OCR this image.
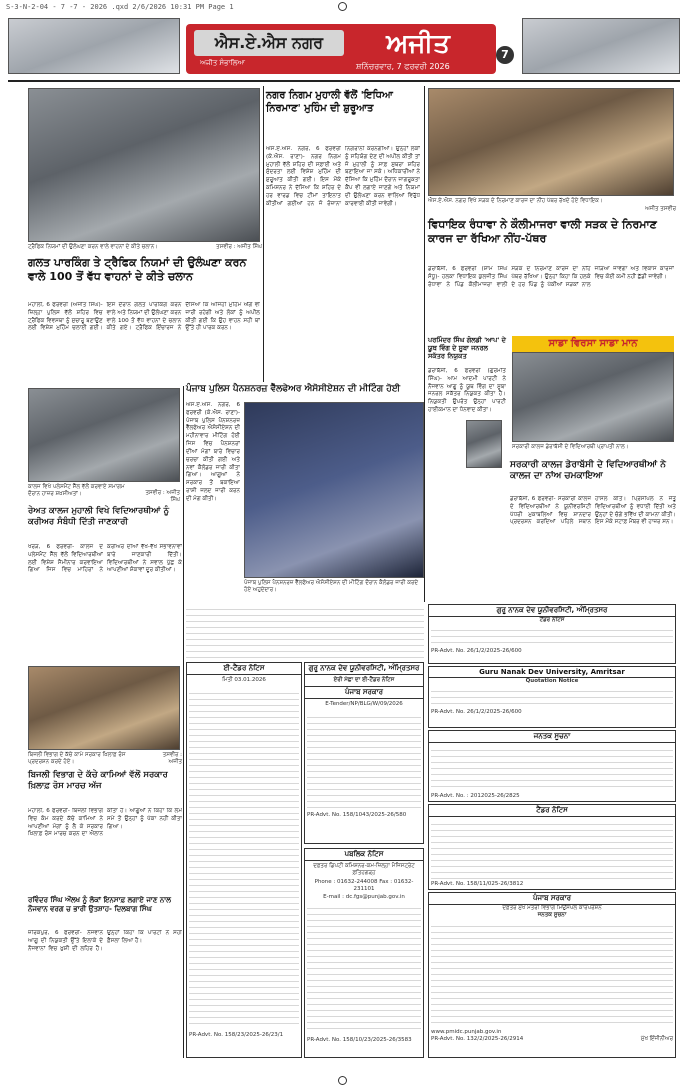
S-3-N-2-04 - 7 -7 - 2026 .qxd 2/6/2026 10:31 PM Page 1
ਐਸ.ਏ.ਐਸ ਨਗਰ	ਅਜੀਤ
ਅਜੀਤ ਸੰਭਾਲਿਆ	ਸ਼ਨਿੱਚਰਵਾਰ, 7 ਫਰਵਰੀ 2026
7
ਟ੍ਰੈਫਿਕ ਨਿਯਮਾਂ ਦੀ ਉਲੰਘਣਾ ਕਰਨ ਵਾਲੇ ਵਾਹਨਾਂ ਦੇ ਕੀਤੇ ਚਲਾਨ।	ਤਸਵੀਰ : ਅਜੀਤ ਸਿੰਘ
ਗਲਤ ਪਾਰਕਿੰਗ ਤੇ ਟ੍ਰੈਫਿਕ ਨਿਯਮਾਂ ਦੀ ਉਲੰਘਣਾ ਕਰਨ ਵਾਲੇ 100 ਤੋਂ ਵੱਧ ਵਾਹਨਾਂ ਦੇ ਕੀਤੇ ਚਲਾਨ
ਮੋਹਾਲੀ, 6 ਫਰਵਰੀ (ਅਜੀਤ ਸਿੰਘ)- ਜ਼ਿਲ੍ਹਾ ਪੁਲਿਸ ਵੱਲੋਂ ਸ਼ਹਿਰ ਵਿਚ ਟ੍ਰੈਫਿਕ ਵਿਵਸਥਾ ਨੂੰ ਸੁਚਾਰੂ ਬਣਾਉਣ ਲਈ ਵਿਸ਼ੇਸ਼ ਮੁਹਿੰਮ ਚਲਾਈ ਗਈ। ਇਸ ਦੌਰਾਨ ਗਲਤ ਪਾਰਕਿੰਗ ਕਰਨ ਵਾਲੇ ਅਤੇ ਨਿਯਮਾਂ ਦੀ ਉਲੰਘਣਾ ਕਰਨ ਵਾਲੇ 100 ਤੋਂ ਵੱਧ ਵਾਹਨਾਂ ਦੇ ਚਲਾਨ ਕੀਤੇ ਗਏ। ਟ੍ਰੈਫਿਕ ਇੰਚਾਰਜ ਨੇ ਦੱਸਿਆ ਕਿ ਅਜਿਹੀ ਮੁਹਿੰਮ ਅੱਗੇ ਵੀ ਜਾਰੀ ਰਹੇਗੀ ਅਤੇ ਲੋਕਾਂ ਨੂੰ ਅਪੀਲ ਕੀਤੀ ਗਈ ਕਿ ਉਹ ਵਾਹਨ ਸਹੀ ਥਾਂ ਉੱਤੇ ਹੀ ਪਾਰਕ ਕਰਨ।
ਨਗਰ ਨਿਗਮ ਮੁਹਾਲੀ ਵੱਲੋਂ 'ਇਧਿਆ ਨਿਰਮਾਣ' ਮੁਹਿੰਮ ਦੀ ਸ਼ੁਰੂਆਤ
ਐਸ.ਏ.ਐਸ. ਨਗਰ, 6 ਫਰਵਰੀ (ਕੇ.ਐਸ. ਰਾਣਾ)- ਨਗਰ ਨਿਗਮ ਮੁਹਾਲੀ ਵੱਲੋਂ ਸ਼ਹਿਰ ਦੀ ਸਫ਼ਾਈ ਅਤੇ ਸੁੰਦਰਤਾ ਲਈ ਵਿਸ਼ੇਸ਼ ਮੁਹਿੰਮ ਦੀ ਸ਼ੁਰੂਆਤ ਕੀਤੀ ਗਈ। ਇਸ ਮੌਕੇ ਕਮਿਸ਼ਨਰ ਨੇ ਦੱਸਿਆ ਕਿ ਸ਼ਹਿਰ ਦੇ ਹਰ ਵਾਰਡ ਵਿਚ ਟੀਮਾਂ ਤਾਇਨਾਤ ਕੀਤੀਆਂ ਗਈਆਂ ਹਨ ਜੋ ਰੋਜ਼ਾਨਾ ਨਿਗਰਾਨੀ ਕਰਨਗੀਆਂ। ਉਨ੍ਹਾਂ ਲੋਕਾਂ ਨੂੰ ਸਹਿਯੋਗ ਦੇਣ ਦੀ ਅਪੀਲ ਕੀਤੀ ਤਾਂ ਜੋ ਮੁਹਾਲੀ ਨੂੰ ਸਾਫ਼ ਸੁਥਰਾ ਸ਼ਹਿਰ ਬਣਾਇਆ ਜਾ ਸਕੇ। ਅਧਿਕਾਰੀਆਂ ਨੇ ਦੱਸਿਆ ਕਿ ਮੁਹਿੰਮ ਦੌਰਾਨ ਜਾਗਰੂਕਤਾ ਕੈਂਪ ਵੀ ਲਗਾਏ ਜਾਣਗੇ ਅਤੇ ਨਿਯਮਾਂ ਦੀ ਉਲੰਘਣਾ ਕਰਨ ਵਾਲਿਆਂ ਵਿਰੁੱਧ ਕਾਰਵਾਈ ਕੀਤੀ ਜਾਵੇਗੀ।	ਐਸ.ਏ.ਐਸ. ਨਗਰ ਵਿਖੇ ਸੜਕ ਦੇ ਨਿਰਮਾਣ ਕਾਰਜ ਦਾ ਨੀਂਹ ਪੱਥਰ ਰੱਖਦੇ ਹੋਏ ਵਿਧਾਇਕ।
ਅਜੀਤ ਤਸਵੀਰ
ਵਿਧਾਇਕ ਰੰਧਾਵਾ ਨੇ ਕੌਲੀਮਾਜਰਾ ਵਾਲੀ ਸੜਕ ਦੇ ਨਿਰਮਾਣ ਕਾਰਜ ਦਾ ਰੱਖਿਆ ਨੀਂਹ-ਪੱਥਰ
ਡੇਰਾਬੱਸੀ, 6 ਫਰਵਰੀ (ਸ਼ਾਮ ਸਿੰਘ ਸੰਧੂ)- ਹਲਕਾ ਵਿਧਾਇਕ ਕੁਲਜੀਤ ਸਿੰਘ ਰੰਧਾਵਾ ਨੇ ਪਿੰਡ ਕੌਲੀਮਾਜਰਾ ਵਾਲੀ ਸੜਕ ਦੇ ਨਿਰਮਾਣ ਕਾਰਜ ਦਾ ਨੀਂਹ ਪੱਥਰ ਰੱਖਿਆ। ਉਨ੍ਹਾਂ ਕਿਹਾ ਕਿ ਹਲਕੇ ਦੇ ਹਰ ਪਿੰਡ ਨੂੰ ਪੱਕੀਆਂ ਸੜਕਾਂ ਨਾਲ ਜੋੜਿਆ ਜਾਵੇਗਾ ਅਤੇ ਵਿਕਾਸ ਕਾਰਜਾਂ ਵਿਚ ਕੋਈ ਕਮੀ ਨਹੀਂ ਛੱਡੀ ਜਾਵੇਗੀ।
ਪਰਮਿੰਦਰ ਸਿੰਘ ਗੋਲਡੀ 'ਆਪ' ਦੇ ਯੂਥ ਵਿੰਗ ਦੇ ਸੂਬਾ ਜਨਰਲ ਸਕੱਤਰ ਨਿਯੁਕਤ
ਡੇਰਾਬੱਸੀ, 6 ਫਰਵਰੀ (ਗੁਰਮੀਤ ਸਿੰਘ)- ਆਮ ਆਦਮੀ ਪਾਰਟੀ ਨੇ ਨੌਜਵਾਨ ਆਗੂ ਨੂੰ ਯੂਥ ਵਿੰਗ ਦਾ ਸੂਬਾ ਜਨਰਲ ਸਕੱਤਰ ਨਿਯੁਕਤ ਕੀਤਾ ਹੈ। ਨਿਯੁਕਤੀ ਉਪਰੰਤ ਉਨ੍ਹਾਂ ਪਾਰਟੀ ਹਾਈਕਮਾਨ ਦਾ ਧੰਨਵਾਦ ਕੀਤਾ।
ਸਾਡਾ ਵਿਰਸਾ ਸਾਡਾ ਮਾਨ
ਸਰਕਾਰੀ ਕਾਲਜ ਡੇਰਾਬੱਸੀ ਦੇ ਵਿਦਿਆਰਥੀ ਪ੍ਰਾਪਤੀ ਨਾਲ।
ਸਰਕਾਰੀ ਕਾਲਜ ਡੇਰਾਬੱਸੀ ਦੇ ਵਿਦਿਆਰਥੀਆਂ ਨੇ ਕਾਲਜ ਦਾ ਨਾਂਅ ਚਮਕਾਇਆ
ਡੇਰਾਬੱਸੀ, 6 ਫਰਵਰੀ- ਸਰਕਾਰੀ ਕਾਲਜ ਦੇ ਵਿਦਿਆਰਥੀਆਂ ਨੇ ਯੂਨੀਵਰਸਿਟੀ ਪੱਧਰੀ ਮੁਕਾਬਲਿਆਂ ਵਿਚ ਸ਼ਾਨਦਾਰ ਪ੍ਰਦਰਸ਼ਨ ਕਰਦਿਆਂ ਪਹਿਲੇ ਸਥਾਨ ਹਾਸਲ ਕੀਤੇ। ਪ੍ਰਿੰਸੀਪਲ ਨੇ ਜੇਤੂ ਵਿਦਿਆਰਥੀਆਂ ਨੂੰ ਵਧਾਈ ਦਿੱਤੀ ਅਤੇ ਉਨ੍ਹਾਂ ਦੇ ਚੰਗੇ ਭਵਿੱਖ ਦੀ ਕਾਮਨਾ ਕੀਤੀ। ਇਸ ਮੌਕੇ ਸਟਾਫ਼ ਮੈਂਬਰ ਵੀ ਹਾਜ਼ਰ ਸਨ।
ਪੰਜਾਬ ਪੁਲਿਸ ਪੈਨਸ਼ਨਰਜ਼ ਵੈੱਲਫੇਅਰ ਐਸੋਸੀਏਸ਼ਨ ਦੀ ਮੀਟਿੰਗ ਹੋਈ
ਐਸ.ਏ.ਐਸ. ਨਗਰ, 6 ਫਰਵਰੀ (ਕੇ.ਐਸ. ਰਾਣਾ)- ਪੰਜਾਬ ਪੁਲਿਸ ਪੈਨਸ਼ਨਰਜ਼ ਵੈੱਲਫੇਅਰ ਐਸੋਸੀਏਸ਼ਨ ਦੀ ਮਹੀਨਾਵਾਰ ਮੀਟਿੰਗ ਹੋਈ ਜਿਸ ਵਿਚ ਪੈਨਸ਼ਨਰਾਂ ਦੀਆਂ ਮੰਗਾਂ ਬਾਰੇ ਵਿਚਾਰ ਚਰਚਾ ਕੀਤੀ ਗਈ ਅਤੇ ਨਵਾਂ ਕੈਲੰਡਰ ਜਾਰੀ ਕੀਤਾ ਗਿਆ। ਆਗੂਆਂ ਨੇ ਸਰਕਾਰ ਤੋਂ ਬਕਾਇਆ ਰਾਸ਼ੀ ਜਲਦ ਜਾਰੀ ਕਰਨ ਦੀ ਮੰਗ ਕੀਤੀ।
ਪੰਜਾਬ ਪੁਲਿਸ ਪੈਨਸ਼ਨਰਜ਼ ਵੈੱਲਫੇਅਰ ਐਸੋਸੀਏਸ਼ਨ ਦੀ ਮੀਟਿੰਗ ਦੌਰਾਨ ਕੈਲੰਡਰ ਜਾਰੀ ਕਰਦੇ ਹੋਏ ਅਹੁਦੇਦਾਰ।
ਕਾਲਜ ਵਿਖੇ ਪਲੇਸਮੈਂਟ ਸੈੱਲ ਵੱਲੋਂ ਕਰਵਾਏ ਸਮਾਗਮ ਦੌਰਾਨ ਹਾਜ਼ਰ ਸ਼ਖ਼ਸੀਅਤਾਂ।	ਤਸਵੀਰ : ਅਜੀਤ ਸਿੰਘ
ਰੇਅਤ ਕਾਲਜ ਮੁਹਾਲੀ ਵਿਖੇ ਵਿਦਿਆਰਥੀਆਂ ਨੂੰ ਕਰੀਅਰ ਸੰਬੰਧੀ ਦਿੱਤੀ ਜਾਣਕਾਰੀ
ਖਰੜ, 6 ਫਰਵਰੀ- ਕਾਲਜ ਦੇ ਪਲੇਸਮੈਂਟ ਸੈੱਲ ਵੱਲੋਂ ਵਿਦਿਆਰਥੀਆਂ ਲਈ ਵਿਸ਼ੇਸ਼ ਸੈਮੀਨਾਰ ਕਰਵਾਇਆ ਗਿਆ ਜਿਸ ਵਿਚ ਮਾਹਿਰਾਂ ਨੇ ਕਰੀਅਰ ਦੀਆਂ ਵੱਖ-ਵੱਖ ਸੰਭਾਵਨਾਵਾਂ ਬਾਰੇ ਜਾਣਕਾਰੀ ਦਿੱਤੀ। ਵਿਦਿਆਰਥੀਆਂ ਨੇ ਸਵਾਲ ਪੁੱਛ ਕੇ ਆਪਣੀਆਂ ਸ਼ੰਕਾਵਾਂ ਦੂਰ ਕੀਤੀਆਂ।
ਬਿਜਲੀ ਵਿਭਾਗ ਦੇ ਕੱਚੇ ਕਾਮੇ ਸਰਕਾਰ ਖ਼ਿਲਾਫ਼ ਰੋਸ ਪ੍ਰਦਰਸ਼ਨ ਕਰਦੇ ਹੋਏ।
ਤਸਵੀਰ : ਅਜੀਤ
ਬਿਜਲੀ ਵਿਭਾਗ ਦੇ ਕੱਚੇ ਕਾਮਿਆਂ ਵੱਲੋਂ ਸਰਕਾਰ ਖ਼ਿਲਾਫ਼ ਰੋਸ ਮਾਰਚ ਅੱਜ
ਮੋਹਾਲੀ, 6 ਫਰਵਰੀ- ਬਿਜਲੀ ਵਿਭਾਗ ਵਿਚ ਕੰਮ ਕਰਦੇ ਕੱਚੇ ਕਾਮਿਆਂ ਨੇ ਆਪਣੀਆਂ ਮੰਗਾਂ ਨੂੰ ਲੈ ਕੇ ਸਰਕਾਰ ਖ਼ਿਲਾਫ਼ ਰੋਸ ਮਾਰਚ ਕਰਨ ਦਾ ਐਲਾਨ ਕੀਤਾ ਹੈ। ਆਗੂਆਂ ਨੇ ਕਿਹਾ ਕਿ ਲੰਮੇ ਸਮੇਂ ਤੋਂ ਉਨ੍ਹਾਂ ਨੂੰ ਪੱਕਾ ਨਹੀਂ ਕੀਤਾ ਗਿਆ।
ਰਵਿੰਦਰ ਸਿੰਘ ਔਲਖ ਨੂੰ ਲੋਕਾਂ ਇਨਸਾਫ਼ ਲਗਾਏ ਜਾਣ ਨਾਲ ਨੌਜਵਾਨ ਵਰਗ ਚ ਭਾਰੀ ਉਤਸ਼ਾਹ- ਦਿਲਬਾਗ ਸਿੰਘ
ਜ਼ੀਰਕਪੁਰ, 6 ਫਰਵਰੀ- ਨੌਜਵਾਨ ਆਗੂ ਦੀ ਨਿਯੁਕਤੀ ਉੱਤੇ ਇਲਾਕੇ ਦੇ ਨੌਜਵਾਨਾਂ ਵਿਚ ਖ਼ੁਸ਼ੀ ਦੀ ਲਹਿਰ ਹੈ। ਉਨ੍ਹਾਂ ਕਿਹਾ ਕਿ ਪਾਰਟੀ ਨੇ ਸਹੀ ਫ਼ੈਸਲਾ ਲਿਆ ਹੈ।
ਈ-ਟੈਂਡਰ ਨੋਟਿਸ
ਮਿਤੀ 03.01.2026
PR-Advt. No. 158/23/2025-26/23/1
ਗੁਰੂ ਨਾਨਕ ਦੇਵ ਯੂਨੀਵਰਸਿਟੀ, ਅੰਮ੍ਰਿਤਸਰ
ਏਰੀ ਮੱਛਾ ਦਾ ਈ-ਟੈਂਡਰ ਨੋਟਿਸ
ਪੰਜਾਬ ਸਰਕਾਰ
E-Tender/NP/BLG/W/09/2026
PR-Advt. No. 158/1043/2025-26/580
ਪਬਲਿਕ ਨੋਟਿਸ
ਦਫ਼ਤਰ ਡਿਪਟੀ ਕਮਿਸ਼ਨਰ-ਕਮ-ਜ਼ਿਲ੍ਹਾ ਮੈਜਿਸਟ੍ਰੇਟ ਫ਼ਤਿਹਗੜ੍ਹ
Phone : 01632-244008 Fax : 01632-231101
E-mail : dc.fgs@punjab.gov.in
PR-Advt. No. 158/10/23/2025-26/3583
ਗੁਰੂ ਨਾਨਕ ਦੇਵ ਯੂਨੀਵਰਸਿਟੀ, ਅੰਮ੍ਰਿਤਸਰ
ਟੈਂਡਰ ਨੋਟਿਸ
PR-Advt. No. 26/1/2/2025-26/600
Guru Nanak Dev University, Amritsar
Quotation Notice
PR-Advt. No. 26/1/2/2025-26/600
ਜਨਤਕ ਸੂਚਨਾ
PR-Advt. No. : 2012025-26/2825
ਟੈਂਡਰ ਨੋਟਿਸ
PR-Advt. No. 158/11/025-26/3812
ਪੰਜਾਬ ਸਰਕਾਰ
ਦਫ਼ਤਰ ਮੁੱਖ ਮੰਤਰੀ ਵਿਭਾਗ ਮਿਉਂਸਪਲ ਕਾਰਪੋਰੇਸ਼ਨ
ਜਨਤਕ ਸੂਚਨਾ
www.pmidc.punjab.gov.in
PR-Advt. No. 132/2/2025-26/2914	ਮੁੱਖ ਇੰਜੀਨੀਅਰ
